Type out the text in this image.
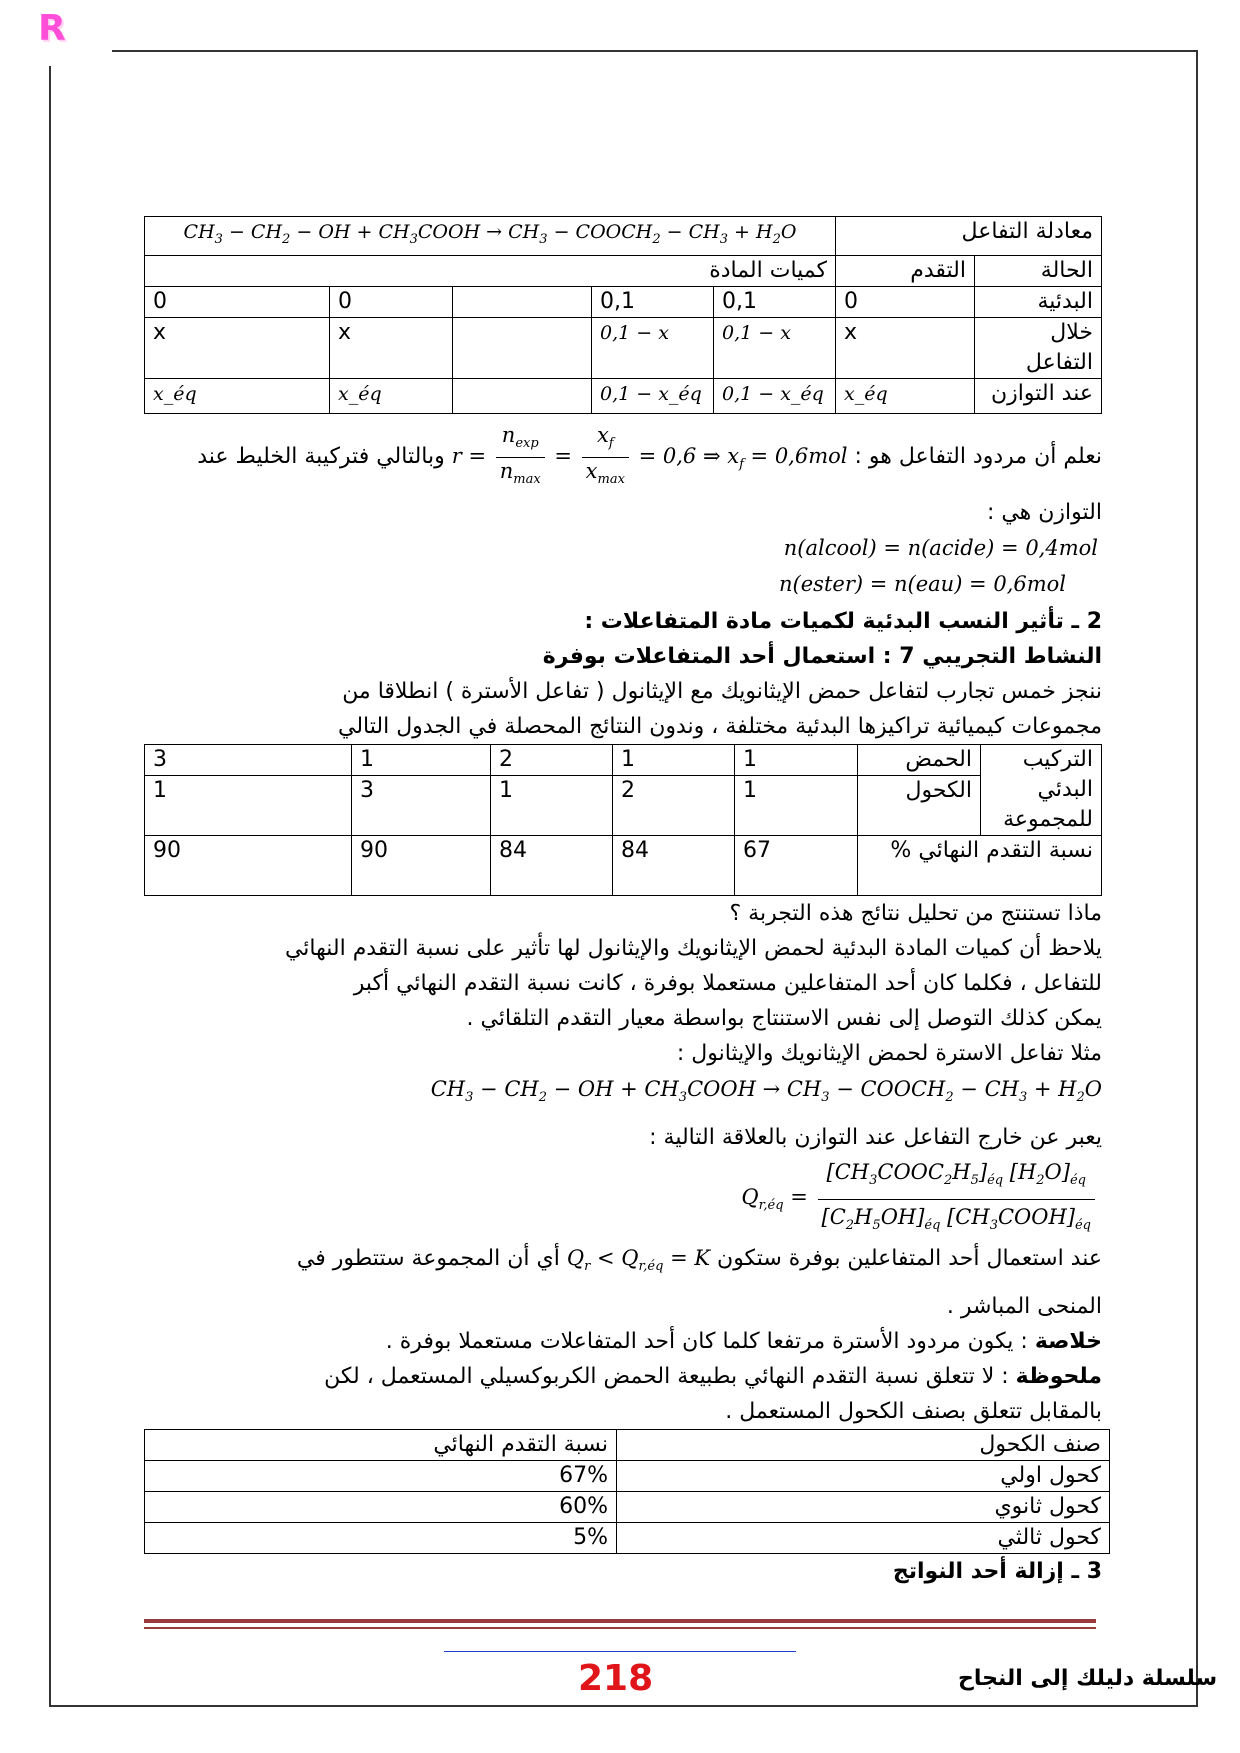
R
معادلة التفاعل		$CH_3 - CH_2$ − OH + $CH_3COOH \to CH_3$ − $COOCH_2 - CH_3 + H_2O$				
الحالة	التقدم	كميات المادة				
البدئية	0	0,1	0,1		0	0
خلال التفاعل	x	0,1 − x	0,1 − x		x	x
عند التوازن	x_éq	0,1 − x_éq	0,1 − x_éq		x_éq	x_éq
نعلم أن مردود التفاعل هو : $r = \frac{n_{exp}}{n_{max}} = \frac{x_f}{x_{max}} = 0,6$ ⇒ $x_f = 0,6mol$ وبالتالي فتركيبة الخليط عند
التوازن هي :
n(alcool) = n(acide) = 0,4mol
n(ester) = n(eau) = 0,6mol
2 ـ تأثير النسب البدئية لكميات مادة المتفاعلات :
النشاط التجريبي 7 : استعمال أحد المتفاعلات بوفرة
ننجز خمس تجارب لتفاعل حمض الإيثانويك مع الإيثانول ( تفاعل الأسترة ) انطلاقا من
مجموعات كيميائية تراكيزها البدئية مختلفة ، وندون النتائج المحصلة في الجدول التالي
التركيب البدئي للمجموعة	الحمض	1	1	2	1	3
	الكحول	1	2	1	3	1
نسبة التقدم النهائي %		67	84	84	90	90
ماذا تستنتج من تحليل نتائج هذه التجربة ؟
يلاحظ أن كميات المادة البدئية لحمض الإيثانويك والإيثانول لها تأثير على نسبة التقدم النهائي
للتفاعل ، فكلما كان أحد المتفاعلين مستعملا بوفرة ، كانت نسبة التقدم النهائي أكبر
يمكن كذلك التوصل إلى نفس الاستنتاج بواسطة معيار التقدم التلقائي .
مثلا تفاعل الاسترة لحمض الإيثانويك والإيثانول :
$CH_3 - CH_2$ − OH + $CH_3COOH \to CH_3$ − $COOCH_2 - CH_3 + H_2O$
يعبر عن خارج التفاعل عند التوازن بالعلاقة التالية :
$Q_{r,éq} = \frac{[CH_3COOC_2H_5]_{éq} [H_2O]_{éq}}{[C_2H_5OH]_{éq} [CH_3COOH]_{éq}}$
عند استعمال أحد المتفاعلين بوفرة ستكون $Q_r < Q_{r,éq} = K$ أي أن المجموعة ستتطور في
المنحى المباشر .
خلاصة : يكون مردود الأسترة مرتفعا كلما كان أحد المتفاعلات مستعملا بوفرة .
ملحوظة : لا تتعلق نسبة التقدم النهائي بطبيعة الحمض الكربوكسيلي المستعمل ، لكن
بالمقابل تتعلق بصنف الكحول المستعمل .
صنف الكحول	نسبة التقدم النهائي
كحول اولي	67%
كحول ثانوي	60%
كحول ثالثي	5%
3 ـ إزالة أحد النواتج
218	سلسلة دليلك إلى النجاح
